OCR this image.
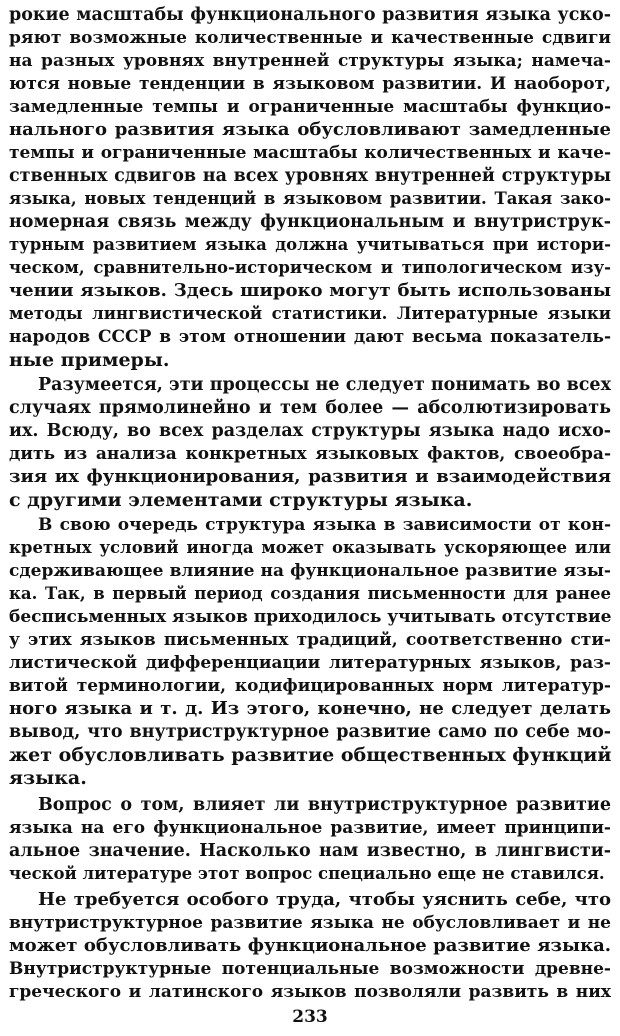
рокие масштабы функционального развития языка уско-
ряют возможные количественные и качественные сдвиги
на разных уровнях внутренней структуры языка; намеча-
ются новые тенденции в языковом развитии. И наоборот,
замедленные темпы и ограниченные масштабы функцио-
нального развития языка обусловливают замедленные
темпы и ограниченные масштабы количественных и каче-
ственных сдвигов на всех уровнях внутренней структуры
языка, новых тенденций в языковом развитии. Такая зако-
номерная связь между функциональным и внутриструк-
турным развитием языка должна учитываться при истори-
ческом, сравнительно-историческом и типологическом изу-
чении языков. Здесь широко могут быть использованы
методы лингвистической статистики. Литературные языки
народов СССР в этом отношении дают весьма показатель-
ные примеры.
Разумеется, эти процессы не следует понимать во всех
случаях прямолинейно и тем более — абсолютизировать
их. Всюду, во всех разделах структуры языка надо исхо-
дить из анализа конкретных языковых фактов, своеобра-
зия их функционирования, развития и взаимодействия
с другими элементами структуры языка.
В свою очередь структура языка в зависимости от кон-
кретных условий иногда может оказывать ускоряющее или
сдерживающее влияние на функциональное развитие язы-
ка. Так, в первый период создания письменности для ранее
бесписьменных языков приходилось учитывать отсутствие
у этих языков письменных традиций, соответственно сти-
листической дифференциации литературных языков, раз-
витой терминологии, кодифицированных норм литератур-
ного языка и т. д. Из этого, конечно, не следует делать
вывод, что внутриструктурное развитие само по себе мо-
жет обусловливать развитие общественных функций
языка.
Вопрос о том, влияет ли внутриструктурное развитие
языка на его функциональное развитие, имеет принципи-
альное значение. Насколько нам известно, в лингвисти-
ческой литературе этот вопрос специально еще не ставился.
Не требуется особого труда, чтобы уяснить себе, что
внутриструктурное развитие языка не обусловливает и не
может обусловливать функциональное развитие языка.
Внутриструктурные потенциальные возможности древне-
греческого и латинского языков позволяли развить в них
233
